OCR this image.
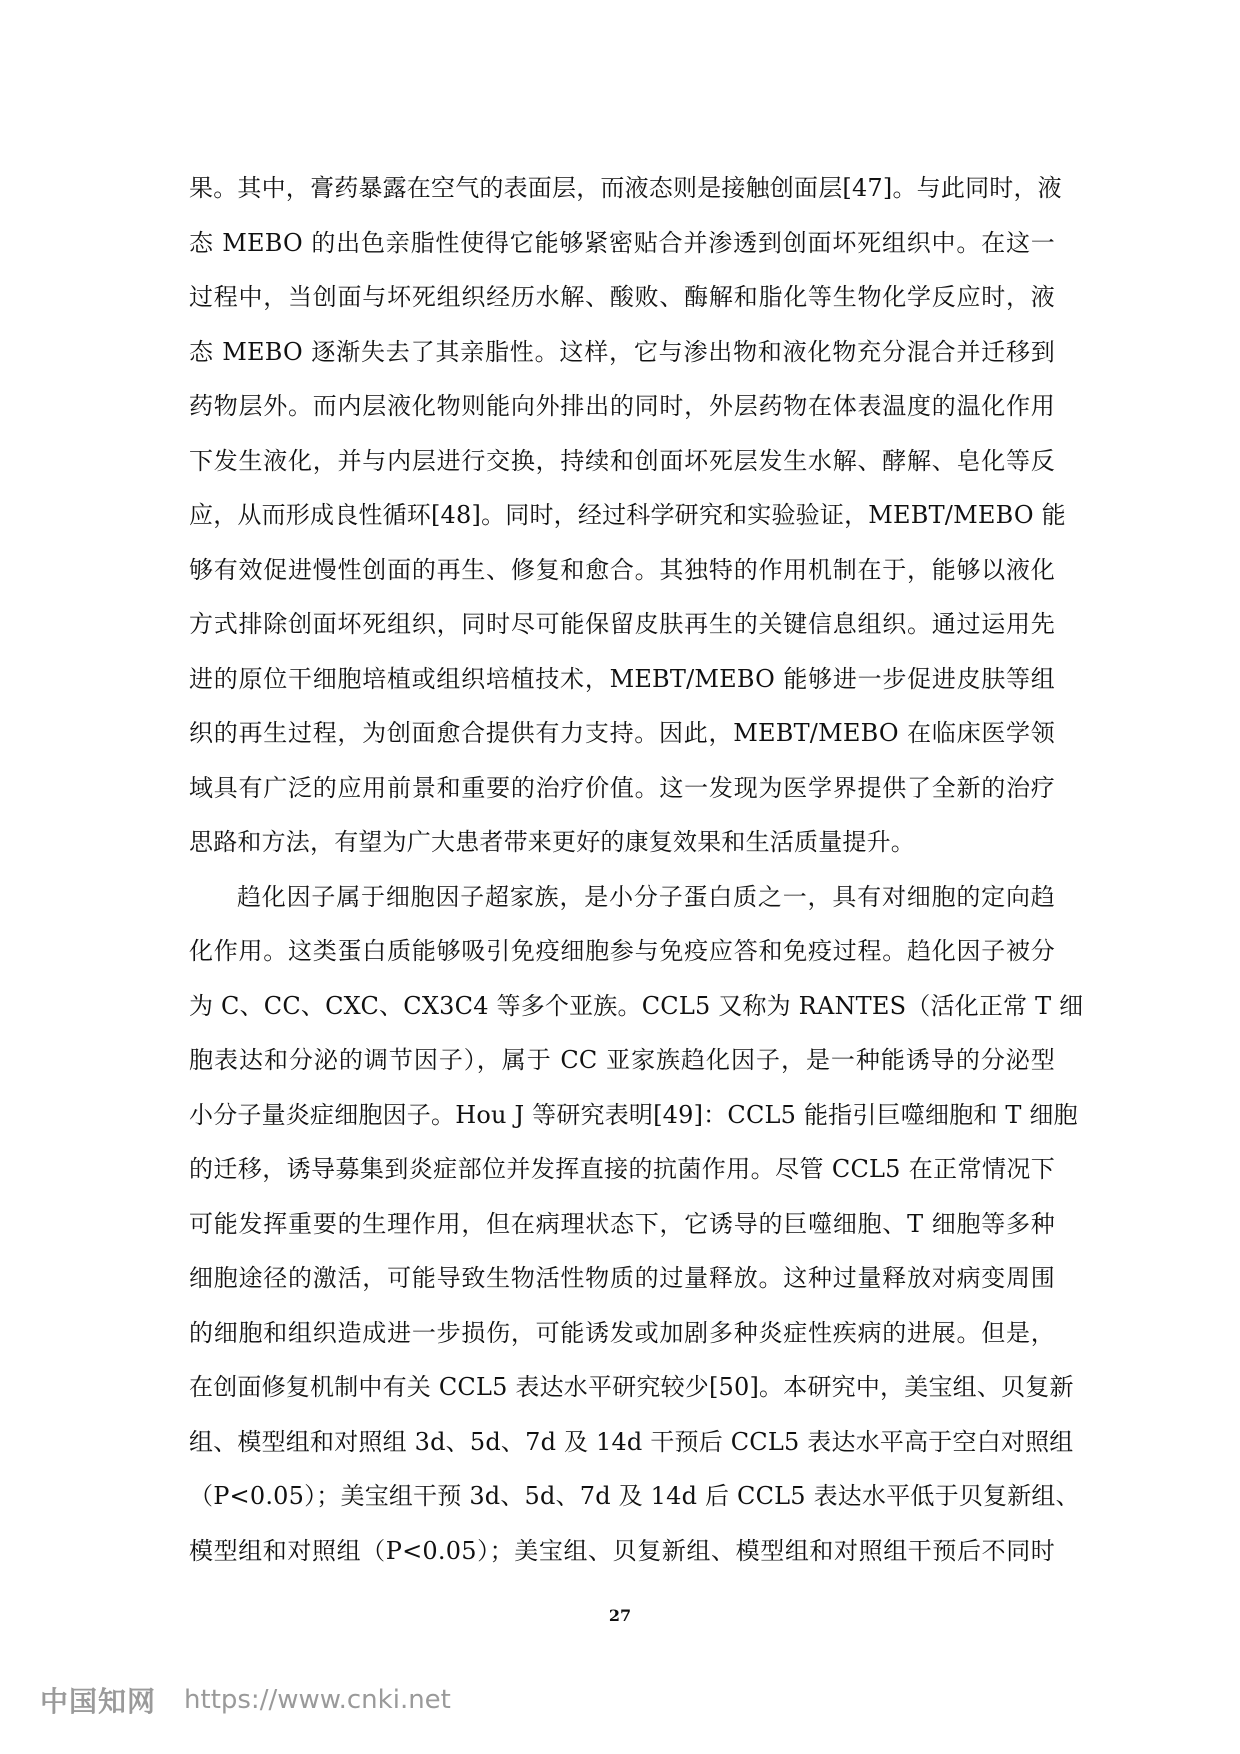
果。其中，膏药暴露在空气的表面层，而液态则是接触创面层[47]。与此同时，液
态 MEBO 的出色亲脂性使得它能够紧密贴合并渗透到创面坏死组织中。在这一
过程中，当创面与坏死组织经历水解、酸败、酶解和脂化等生物化学反应时，液
态 MEBO 逐渐失去了其亲脂性。这样，它与渗出物和液化物充分混合并迁移到
药物层外。而内层液化物则能向外排出的同时，外层药物在体表温度的温化作用
下发生液化，并与内层进行交换，持续和创面坏死层发生水解、酵解、皂化等反
应，从而形成良性循环[48]。同时，经过科学研究和实验验证，MEBT/MEBO 能
够有效促进慢性创面的再生、修复和愈合。其独特的作用机制在于，能够以液化
方式排除创面坏死组织，同时尽可能保留皮肤再生的关键信息组织。通过运用先
进的原位干细胞培植或组织培植技术，MEBT/MEBO 能够进一步促进皮肤等组
织的再生过程，为创面愈合提供有力支持。因此，MEBT/MEBO 在临床医学领
域具有广泛的应用前景和重要的治疗价值。这一发现为医学界提供了全新的治疗
思路和方法，有望为广大患者带来更好的康复效果和生活质量提升。
趋化因子属于细胞因子超家族，是小分子蛋白质之一，具有对细胞的定向趋
化作用。这类蛋白质能够吸引免疫细胞参与免疫应答和免疫过程。趋化因子被分
为 C、CC、CXC、CX3C4 等多个亚族。CCL5 又称为 RANTES（活化正常 T 细
胞表达和分泌的调节因子），属于 CC 亚家族趋化因子，是一种能诱导的分泌型
小分子量炎症细胞因子。Hou J 等研究表明[49]：CCL5 能指引巨噬细胞和 T 细胞
的迁移，诱导募集到炎症部位并发挥直接的抗菌作用。尽管 CCL5 在正常情况下
可能发挥重要的生理作用，但在病理状态下，它诱导的巨噬细胞、T 细胞等多种
细胞途径的激活，可能导致生物活性物质的过量释放。这种过量释放对病变周围
的细胞和组织造成进一步损伤，可能诱发或加剧多种炎症性疾病的进展。但是，
在创面修复机制中有关 CCL5 表达水平研究较少[50]。本研究中，美宝组、贝复新
组、模型组和对照组 3d、5d、7d 及 14d 干预后 CCL5 表达水平高于空白对照组
（P<0.05）；美宝组干预 3d、5d、7d 及 14d 后 CCL5 表达水平低于贝复新组、
模型组和对照组（P<0.05）；美宝组、贝复新组、模型组和对照组干预后不同时
27
中国知网 https://www.cnki.net
